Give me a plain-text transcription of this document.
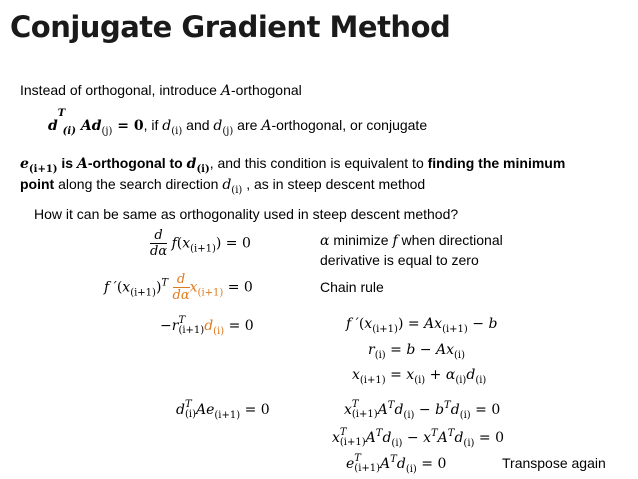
Conjugate Gradient Method
Instead of orthogonal, introduce A-orthogonal
d
T
$_{(i)}$ $Ad_{(j)} = 0$, if $d_{(i)}$ and $d_{(j)}$ are A-orthogonal, or conjugate
$e_{(i+1)}$ is A-orthogonal to $d_{(i)}$, and this condition is equivalent to finding the minimum
point along the search direction $d_{(i)}$ , as in steep descent method
How it can be same as orthogonality used in steep descent method?
$\frac{d}{d\alpha} f(x_{(i+1)}) = 0$	α minimize f when directional
derivative is equal to zero
f $'(x_{(i+1)})^T \frac{d}{d\alpha} x_{(i+1)} = 0$	Chain rule
−r T
(i+1) $d_{(i)} = 0$	f $'(x_{(i+1)}) = Ax_{(i+1)} - b$
$r_{(i)} = b - Ax_{(i)}$
$x_{(i+1)} = x_{(i)} + \alpha_{(i)}d_{(i)}$
d T
(i) $Ae_{(i+1)} = 0$	x T
(i+1) $A^Td_{(i)} - b^Td_{(i)} = 0$
x T
(i+1) $A^Td_{(i)} - x^TA^Td_{(i)} = 0$
e T
(i+1) $A^Td_{(i)} = 0$	Transpose again
